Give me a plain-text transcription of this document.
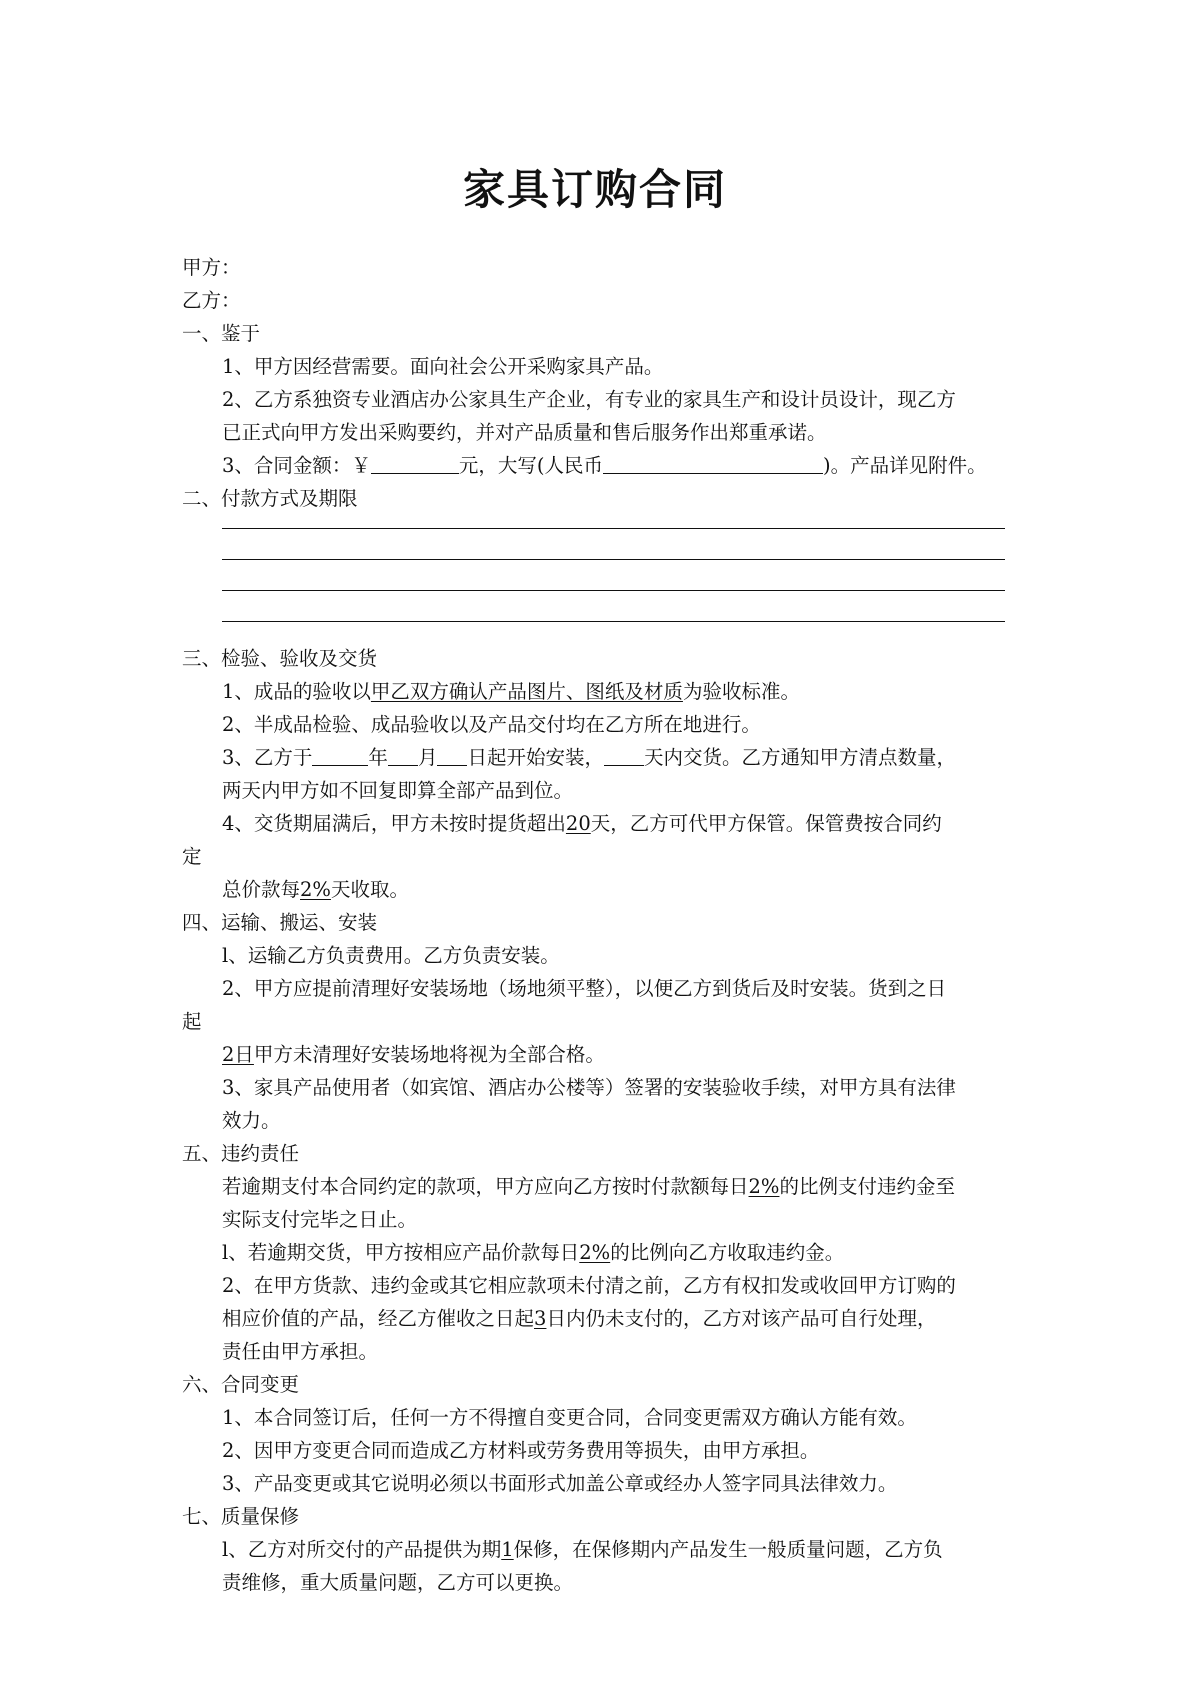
家具订购合同
甲方：
乙方：
一、鉴于
1、甲方因经营需要。面向社会公开采购家具产品。
2、乙方系独资专业酒店办公家具生产企业，有专业的家具生产和设计员设计，现乙方
已正式向甲方发出采购要约，并对产品质量和售后服务作出郑重承诺。
3、合同金额：￥	元，大写(人民币	)。产品详见附件。
二、付款方式及期限
三、检验、验收及交货
1、成品的验收以甲乙双方确认产品图片、图纸及材质为验收标准。
2、半成品检验、成品验收以及产品交付均在乙方所在地进行。
3、乙方于	年 月 日起开始安装， 天内交货。乙方通知甲方清点数量，
两天内甲方如不回复即算全部产品到位。
4、交货期届满后，甲方未按时提货超出20天，乙方可代甲方保管。保管费按合同约
定
总价款每2%天收取。
四、运输、搬运、安装
l、运输乙方负责费用。乙方负责安装。
2、甲方应提前清理好安装场地（场地须平整），以便乙方到货后及时安装。货到之日
起
2日甲方未清理好安装场地将视为全部合格。
3、家具产品使用者（如宾馆、酒店办公楼等）签署的安装验收手续，对甲方具有法律
效力。
五、违约责任
若逾期支付本合同约定的款项，甲方应向乙方按时付款额每日2%的比例支付违约金至
实际支付完毕之日止。
l、若逾期交货，甲方按相应产品价款每日2%的比例向乙方收取违约金。
2、在甲方货款、违约金或其它相应款项未付清之前，乙方有权扣发或收回甲方订购的
相应价值的产品，经乙方催收之日起3日内仍未支付的，乙方对该产品可自行处理，
责任由甲方承担。
六、合同变更
1、本合同签订后，任何一方不得擅自变更合同，合同变更需双方确认方能有效。
2、因甲方变更合同而造成乙方材料或劳务费用等损失，由甲方承担。
3、产品变更或其它说明必须以书面形式加盖公章或经办人签字同具法律效力。
七、质量保修
l、乙方对所交付的产品提供为期1保修，在保修期内产品发生一般质量问题，乙方负
责维修，重大质量问题，乙方可以更换。
